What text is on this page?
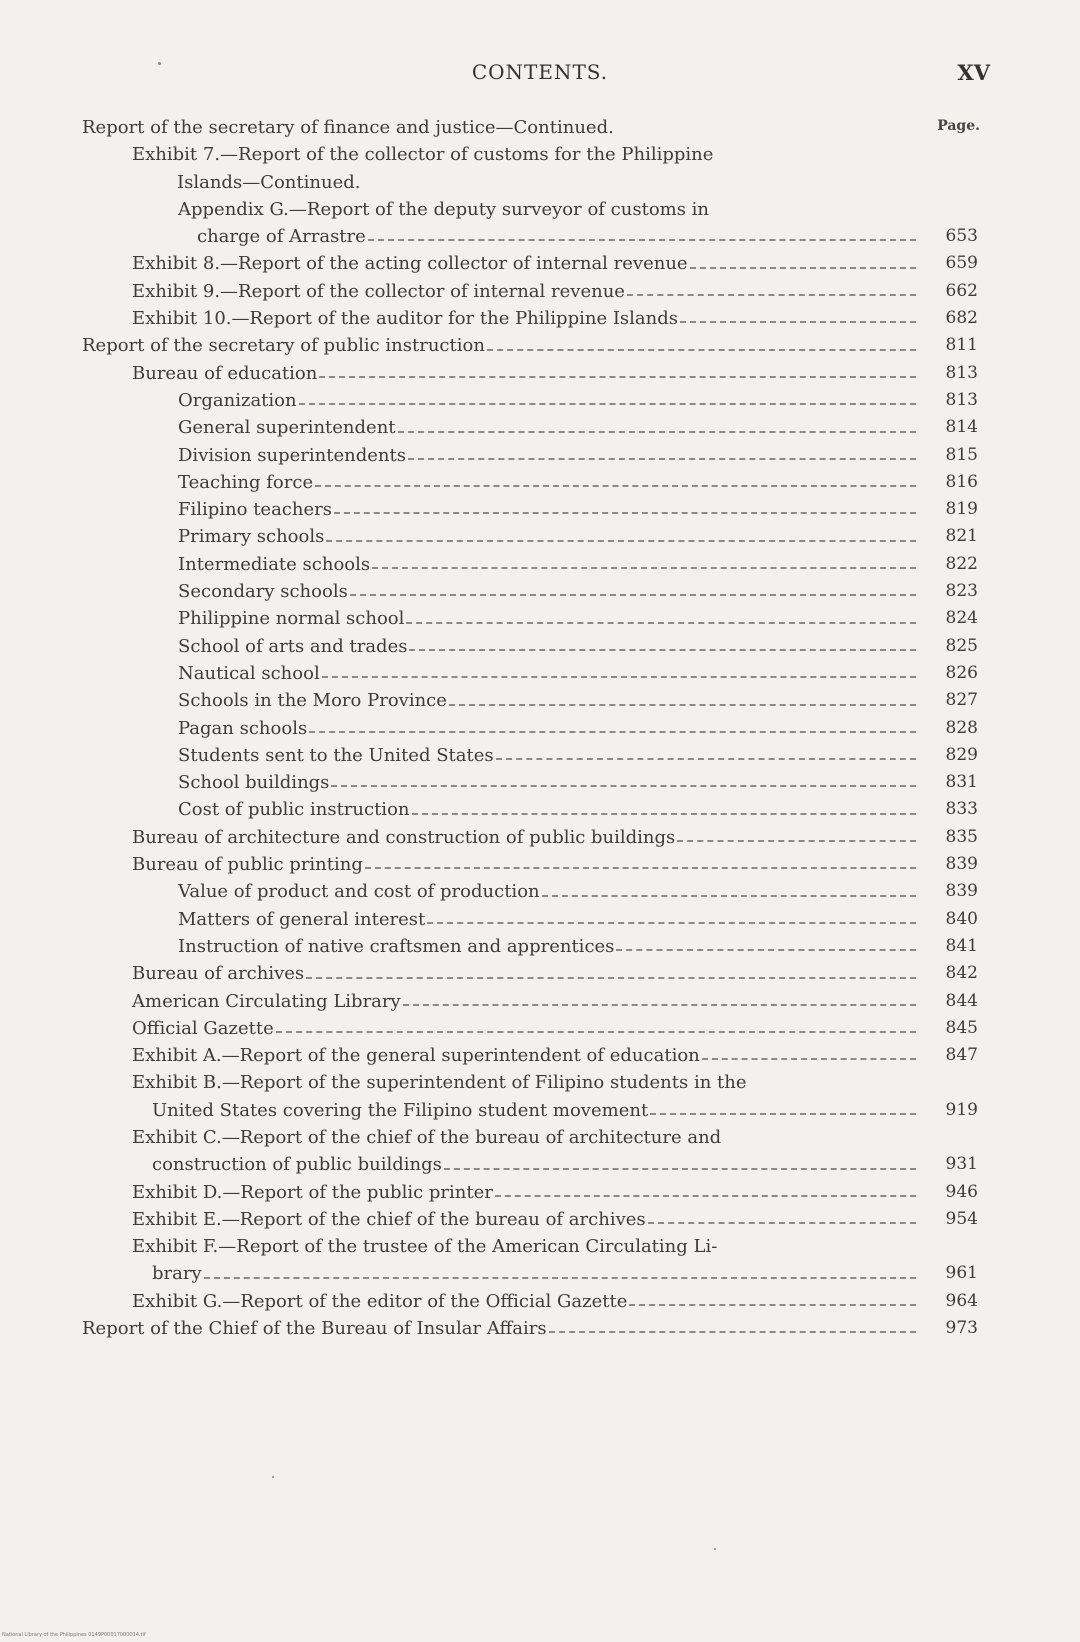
CONTENTS.	XV
Page.
Report of the secretary of finance and justice—Continued.
Exhibit 7.—Report of the collector of customs for the Philippine
Islands—Continued.
Appendix G.—Report of the deputy surveyor of customs in
charge of Arrastre	653
Exhibit 8.—Report of the acting collector of internal revenue	659
Exhibit 9.—Report of the collector of internal revenue	662
Exhibit 10.—Report of the auditor for the Philippine Islands	682
Report of the secretary of public instruction	811
Bureau of education	813
Organization	813
General superintendent	814
Division superintendents	815
Teaching force	816
Filipino teachers	819
Primary schools	821
Intermediate schools	822
Secondary schools	823
Philippine normal school	824
School of arts and trades	825
Nautical school	826
Schools in the Moro Province	827
Pagan schools	828
Students sent to the United States	829
School buildings	831
Cost of public instruction	833
Bureau of architecture and construction of public buildings	835
Bureau of public printing	839
Value of product and cost of production	839
Matters of general interest	840
Instruction of native craftsmen and apprentices	841
Bureau of archives	842
American Circulating Library	844
Official Gazette	845
Exhibit A.—Report of the general superintendent of education	847
Exhibit B.—Report of the superintendent of Filipino students in the
United States covering the Filipino student movement	919
Exhibit C.—Report of the chief of the bureau of architecture and
construction of public buildings	931
Exhibit D.—Report of the public printer	946
Exhibit E.—Report of the chief of the bureau of archives	954
Exhibit F.—Report of the trustee of the American Circulating Li-
brary	961
Exhibit G.—Report of the editor of the Official Gazette	964
Report of the Chief of the Bureau of Insular Affairs	973
National Library of the Philippines 0149P00017000014.tif
